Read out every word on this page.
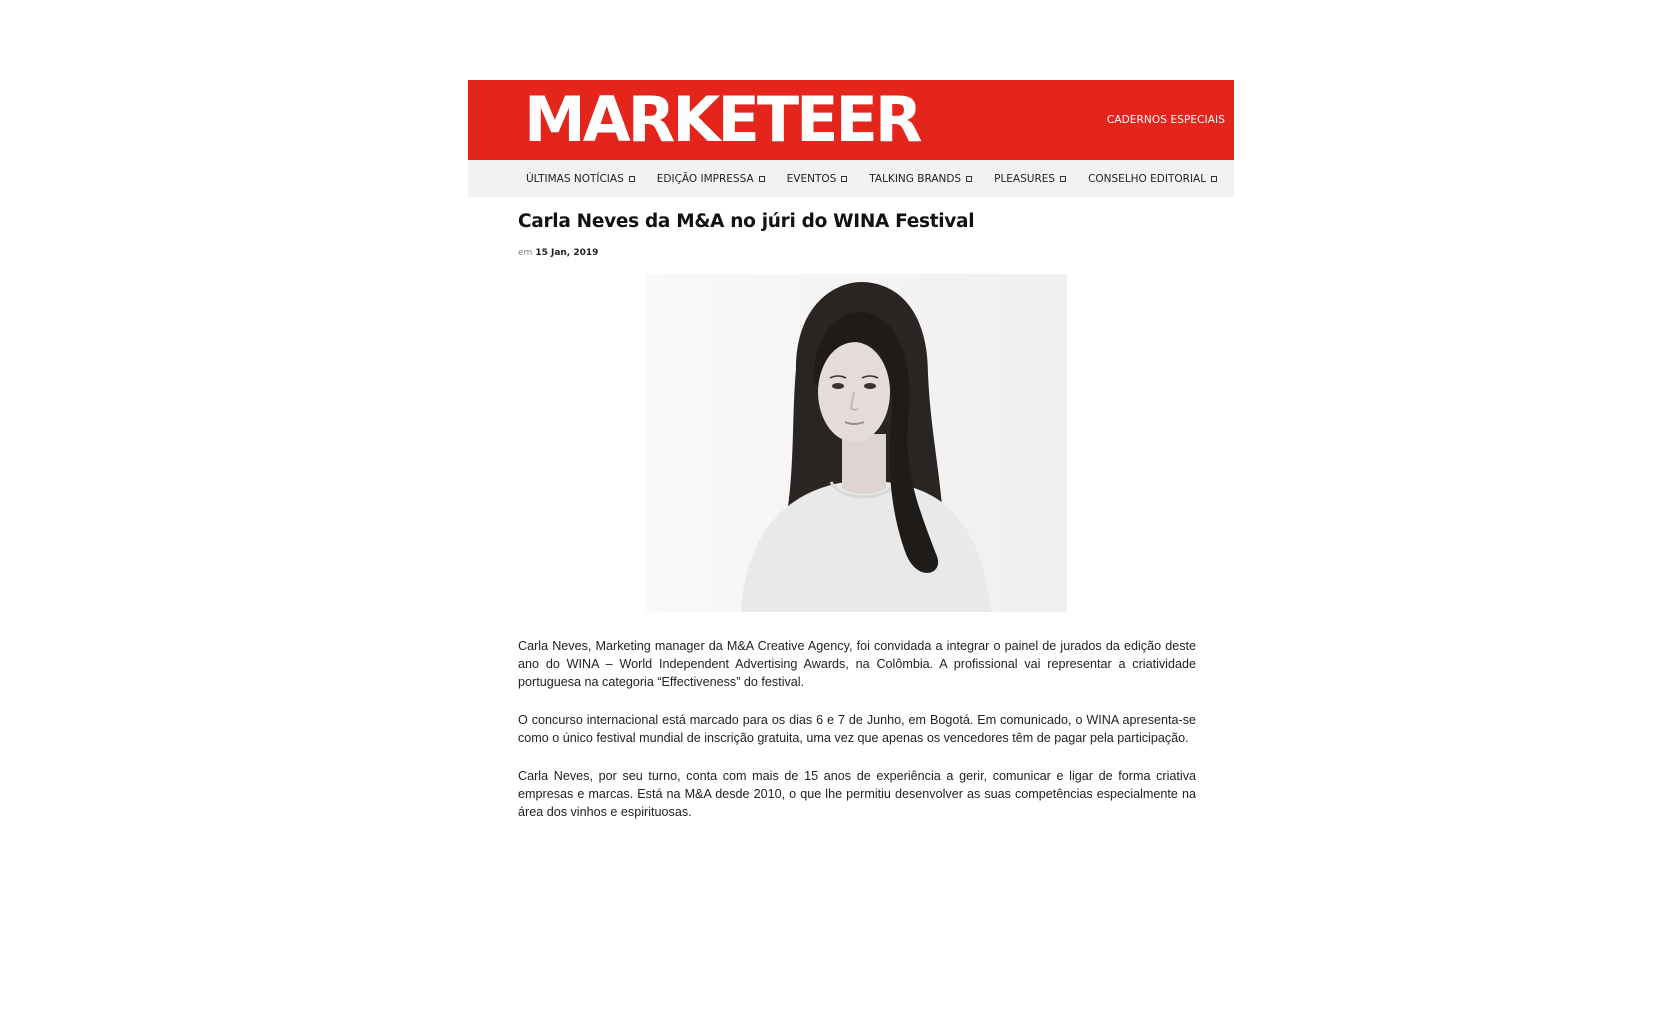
MARKETEER	CADERNOS ESPECIAIS
ÚLTIMAS NOTÍCIAS	EDIÇÃO IMPRESSA	EVENTOS	TALKING BRANDS	PLEASURES	CONSELHO EDITORIAL
Carla Neves da M&A no júri do WINA Festival
em 15 Jan, 2019

Carla Neves, Marketing manager da M&A Creative Agency, foi convidada a integrar o painel de jurados da edição deste ano do WINA – World Independent Advertising Awards, na Colômbia. A profissional vai representar a criatividade portuguesa na categoria “Effectiveness” do festival.

O concurso internacional está marcado para os dias 6 e 7 de Junho, em Bogotá. Em comunicado, o WINA apresenta-se como o único festival mundial de inscrição gratuita, uma vez que apenas os vencedores têm de pagar pela participação.

Carla Neves, por seu turno, conta com mais de 15 anos de experiência a gerir, comunicar e ligar de forma criativa empresas e marcas. Está na M&A desde 2010, o que lhe permitiu desenvolver as suas competências especialmente na área dos vinhos e espirituosas.
